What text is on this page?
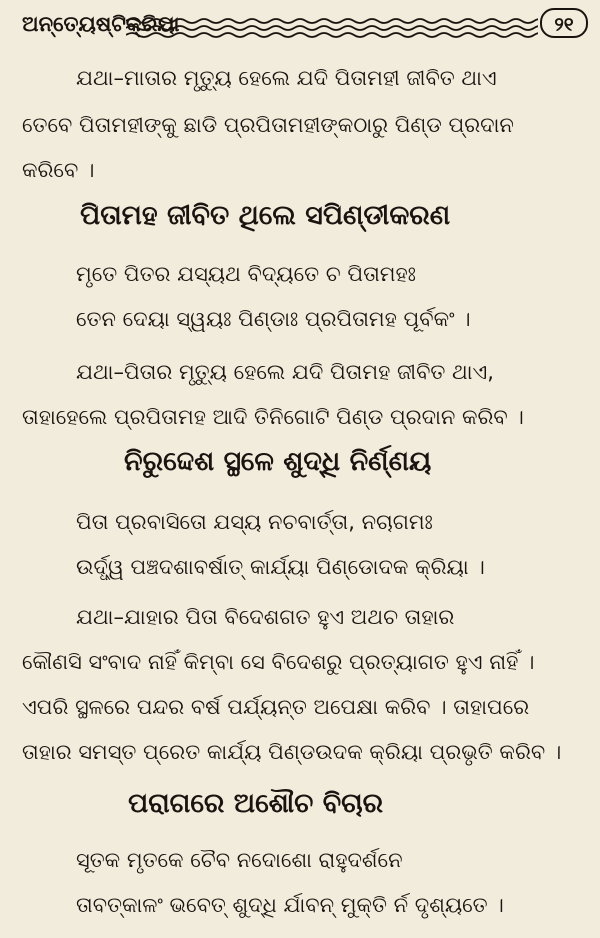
ଅନ୍ତ୍ୟେଷ୍ଟିକ୍ରିୟା	୨୧
ଯଥା–ମାତାର ମୃତ୍ୟୁ ହେଲେ ଯଦି ପିତାମହୀ ଜୀବିତ ଥାଏ
ତେବେ ପିତାମହୀଙ୍କୁ ଛାଡି ପ୍ରପିତାମହୀଙ୍କଠାରୁ ପିଣ୍ଡ ପ୍ରଦାନ
କରିବେ ।
ପିତାମହ ଜୀବିତ ଥିଲେ ସପିଣ୍ଡୀକରଣ
ମୃତେ ପିତର ଯସ୍ୟଥ ବିଦ୍ୟତେ ଚ ପିତାମହଃ
ତେନ ଦେୟା ସ୍ୱୟଃ ପିଣ୍ଡାଃ ପ୍ରପିତାମହ ପୂର୍ବକଂ ।
ଯଥା–ପିତାର ମୃତ୍ୟୁ ହେଲେ ଯଦି ପିତାମହ ଜୀବିତ ଥାଏ,
ତାହାହେଲେ ପ୍ରପିତାମହ ଆଦି ତିନିଗୋଟି ପିଣ୍ଡ ପ୍ରଦାନ କରିବ ।
ନିରୁଦ୍ଦେଶ ସ୍ଥଳେ ଶୁଦ୍ଧି ନିର୍ଣ୍ଣୟ
ପିତା ପ୍ରବାସିତୋ ଯସ୍ୟ ନଚବାର୍ତ୍ତା, ନଚାଗମଃ
ଉର୍ଦ୍ଧ୍ୱ ପଞ୍ଚଦଶାବର୍ଷାତ୍ କାର୍ଯ୍ୟା ପିଣ୍ଡୋଦକ କ୍ରିୟା ।
ଯଥା–ଯାହାର ପିତା ବିଦେଶଗତ ହୁଏ ଅଥଚ ତାହାର
କୌଣସି ସଂବାଦ ନାହିଁ କିମ୍ବା ସେ ବିଦେଶରୁ ପ୍ରତ୍ୟାଗତ ହୁଏ ନାହିଁ ।
ଏପରି ସ୍ଥଳରେ ପନ୍ଦର ବର୍ଷ ପର୍ଯ୍ୟନ୍ତ ଅପେକ୍ଷା କରିବ । ତାହାପରେ
ତାହାର ସମସ୍ତ ପ୍ରେତ କାର୍ଯ୍ୟ ପିଣ୍ଡଉଦକ କ୍ରିୟା ପ୍ରଭୃତି କରିବ ।
ପରାଗରେ ଅଶୌଚ ବିଚାର
ସୂତକ ମୃତକେ ଚୈବ ନଦୋଶୋ ରାହୁଦର୍ଶନେ
ତାବତ୍‌କାଳଂ ଭବେତ୍ ଶୁଦ୍ଧି ର୍ଯାବନ୍ ମୁକ୍ତି ର୍ନ ଦୃଶ୍ୟତେ ।
